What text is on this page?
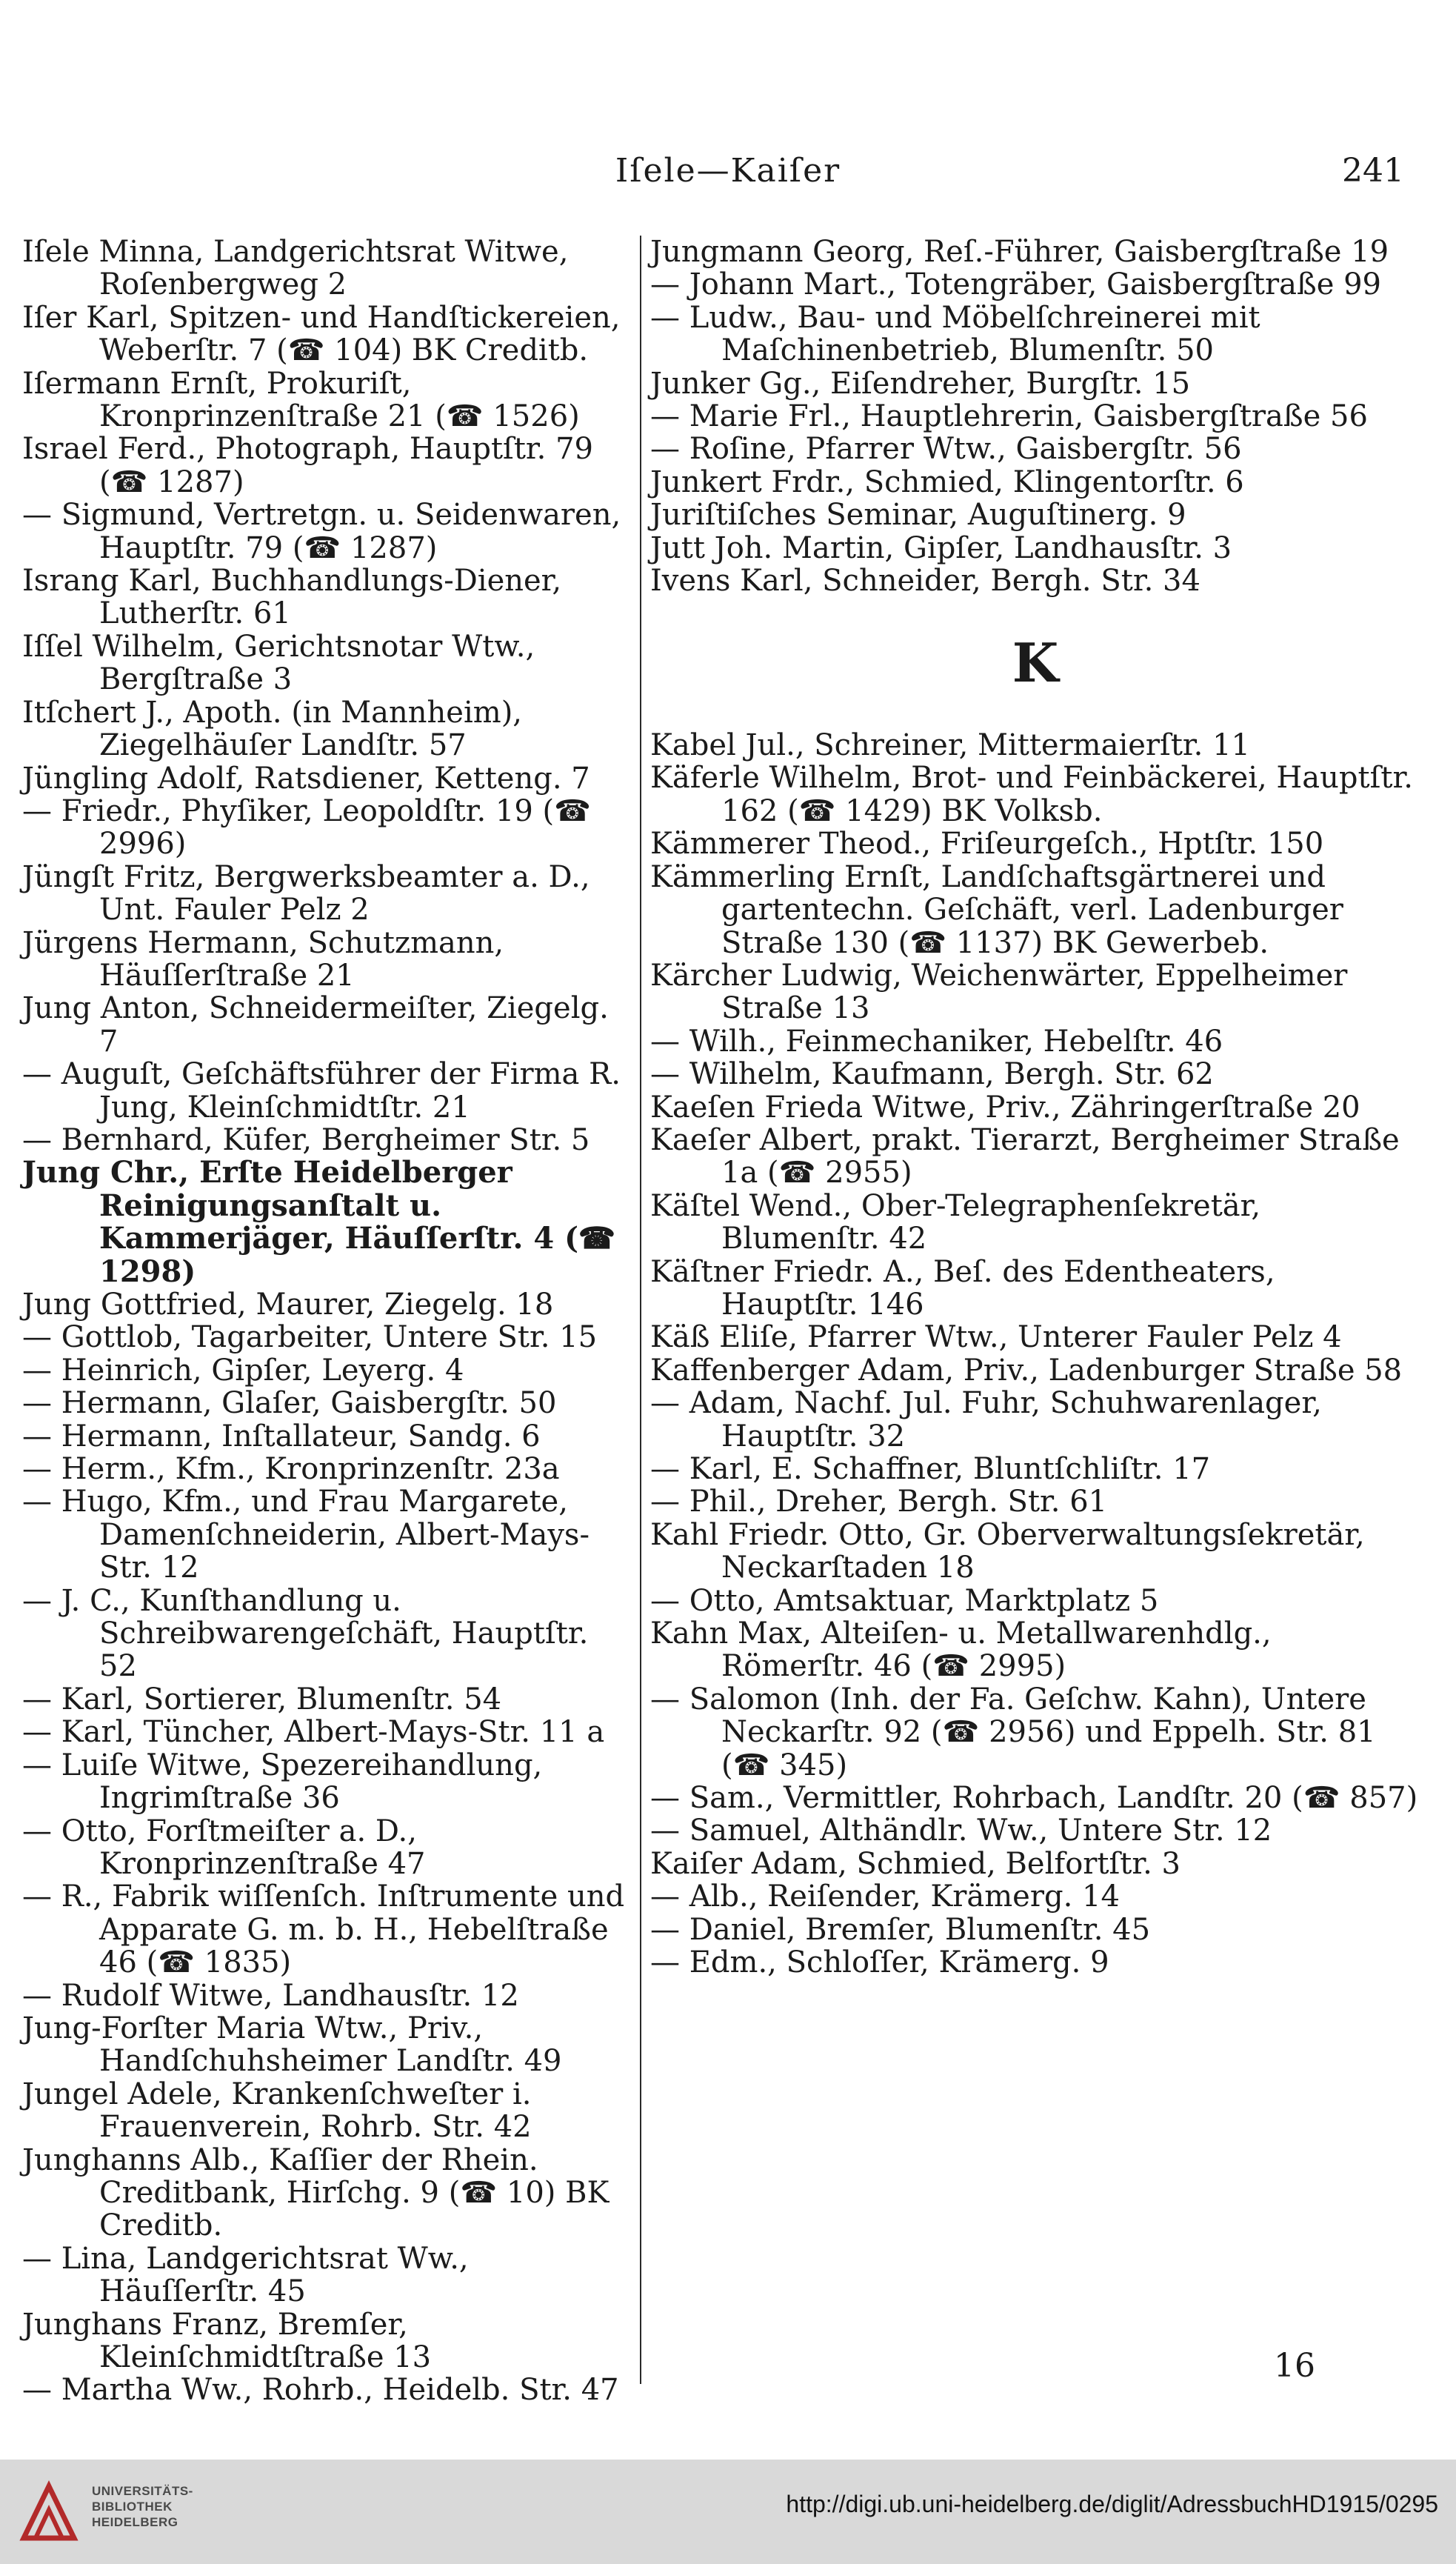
Iſele—Kaiſer	241

Iſele Minna, Landgerichtsrat Witwe, Roſenbergweg 2

Iſer Karl, Spitzen- und Handſtickereien, Weberſtr. 7 (☎ 104) BK Creditb.

Iſermann Ernſt, Prokuriſt, Kronprinzenſtraße 21 (☎ 1526)

Israel Ferd., Photograph, Hauptſtr. 79 (☎ 1287)

— Sigmund, Vertretgn. u. Seidenwaren, Hauptſtr. 79 (☎ 1287)

Israng Karl, Buchhandlungs-Diener, Lutherſtr. 61

Iſſel Wilhelm, Gerichtsnotar Wtw., Bergſtraße 3

Itſchert J., Apoth. (in Mannheim), Ziegelhäuſer Landſtr. 57

Jüngling Adolf, Ratsdiener, Ketteng. 7

— Friedr., Phyſiker, Leopoldſtr. 19 (☎ 2996)

Jüngſt Fritz, Bergwerksbeamter a. D., Unt. Fauler Pelz 2

Jürgens Hermann, Schutzmann, Häuſſerſtraße 21

Jung Anton, Schneidermeiſter, Ziegelg. 7

— Auguſt, Geſchäftsführer der Firma R. Jung, Kleinſchmidtſtr. 21

— Bernhard, Küfer, Bergheimer Str. 5

Jung Chr., Erſte Heidelberger Reinigungsanſtalt u. Kammerjäger, Häuſſerſtr. 4 (☎ 1298)

Jung Gottfried, Maurer, Ziegelg. 18

— Gottlob, Tagarbeiter, Untere Str. 15

— Heinrich, Gipſer, Leyerg. 4

— Hermann, Glaſer, Gaisbergſtr. 50

— Hermann, Inſtallateur, Sandg. 6

— Herm., Kfm., Kronprinzenſtr. 23a

— Hugo, Kfm., und Frau Margarete, Damenſchneiderin, Albert-Mays-Str. 12

— J. C., Kunſthandlung u. Schreibwarengeſchäft, Hauptſtr. 52

— Karl, Sortierer, Blumenſtr. 54

— Karl, Tüncher, Albert-Mays-Str. 11 a

— Luiſe Witwe, Spezereihandlung, Ingrimſtraße 36

— Otto, Forſtmeiſter a. D., Kronprinzenſtraße 47

— R., Fabrik wiſſenſch. Inſtrumente und Apparate G. m. b. H., Hebelſtraße 46 (☎ 1835)

— Rudolf Witwe, Landhausſtr. 12

Jung-Forſter Maria Wtw., Priv., Handſchuhsheimer Landſtr. 49

Jungel Adele, Krankenſchweſter i. Frauenverein, Rohrb. Str. 42

Junghanns Alb., Kaſſier der Rhein. Creditbank, Hirſchg. 9 (☎ 10) BK Creditb.

— Lina, Landgerichtsrat Ww., Häuſſerſtr. 45

Junghans Franz, Bremſer, Kleinſchmidtſtraße 13

— Martha Ww., Rohrb., Heidelb. Str. 47

Jungmann Georg, Reſ.-Führer, Gaisbergſtraße 19

— Johann Mart., Totengräber, Gaisbergſtraße 99

— Ludw., Bau- und Möbelſchreinerei mit Maſchinenbetrieb, Blumenſtr. 50

Junker Gg., Eiſendreher, Burgſtr. 15

— Marie Frl., Hauptlehrerin, Gaisbergſtraße 56

— Roſine, Pfarrer Wtw., Gaisbergſtr. 56

Junkert Frdr., Schmied, Klingentorſtr. 6

Juriſtiſches Seminar, Auguſtinerg. 9

Jutt Joh. Martin, Gipſer, Landhausſtr. 3

Ivens Karl, Schneider, Bergh. Str. 34

K

Kabel Jul., Schreiner, Mittermaierſtr. 11

Käferle Wilhelm, Brot- und Feinbäckerei, Hauptſtr. 162 (☎ 1429) BK Volksb.

Kämmerer Theod., Friſeurgeſch., Hptſtr. 150

Kämmerling Ernſt, Landſchaftsgärtnerei und gartentechn. Geſchäft, verl. Ladenburger Straße 130 (☎ 1137) BK Gewerbeb.

Kärcher Ludwig, Weichenwärter, Eppelheimer Straße 13

— Wilh., Feinmechaniker, Hebelſtr. 46

— Wilhelm, Kaufmann, Bergh. Str. 62

Kaeſen Frieda Witwe, Priv., Zähringerſtraße 20

Kaeſer Albert, prakt. Tierarzt, Bergheimer Straße 1a (☎ 2955)

Käſtel Wend., Ober-Telegraphenſekretär, Blumenſtr. 42

Käſtner Friedr. A., Beſ. des Edentheaters, Hauptſtr. 146

Käß Eliſe, Pfarrer Wtw., Unterer Fauler Pelz 4

Kaffenberger Adam, Priv., Ladenburger Straße 58

— Adam, Nachf. Jul. Fuhr, Schuhwarenlager, Hauptſtr. 32

— Karl, E. Schaffner, Bluntſchliſtr. 17

— Phil., Dreher, Bergh. Str. 61

Kahl Friedr. Otto, Gr. Oberverwaltungsſekretär, Neckarſtaden 18

— Otto, Amtsaktuar, Marktplatz 5

Kahn Max, Alteiſen- u. Metallwarenhdlg., Römerſtr. 46 (☎ 2995)

— Salomon (Inh. der Fa. Geſchw. Kahn), Untere Neckarſtr. 92 (☎ 2956) und Eppelh. Str. 81 (☎ 345)

— Sam., Vermittler, Rohrbach, Landſtr. 20 (☎ 857)

— Samuel, Althändlr. Ww., Untere Str. 12

Kaiſer Adam, Schmied, Belfortſtr. 3

— Alb., Reiſender, Krämerg. 14

— Daniel, Bremſer, Blumenſtr. 45

— Edm., Schloſſer, Krämerg. 9

16
UNIVERSITÄTS-
BIBLIOTHEK
HEIDELBERG
http://digi.ub.uni-heidelberg.de/diglit/AdressbuchHD1915/0295
